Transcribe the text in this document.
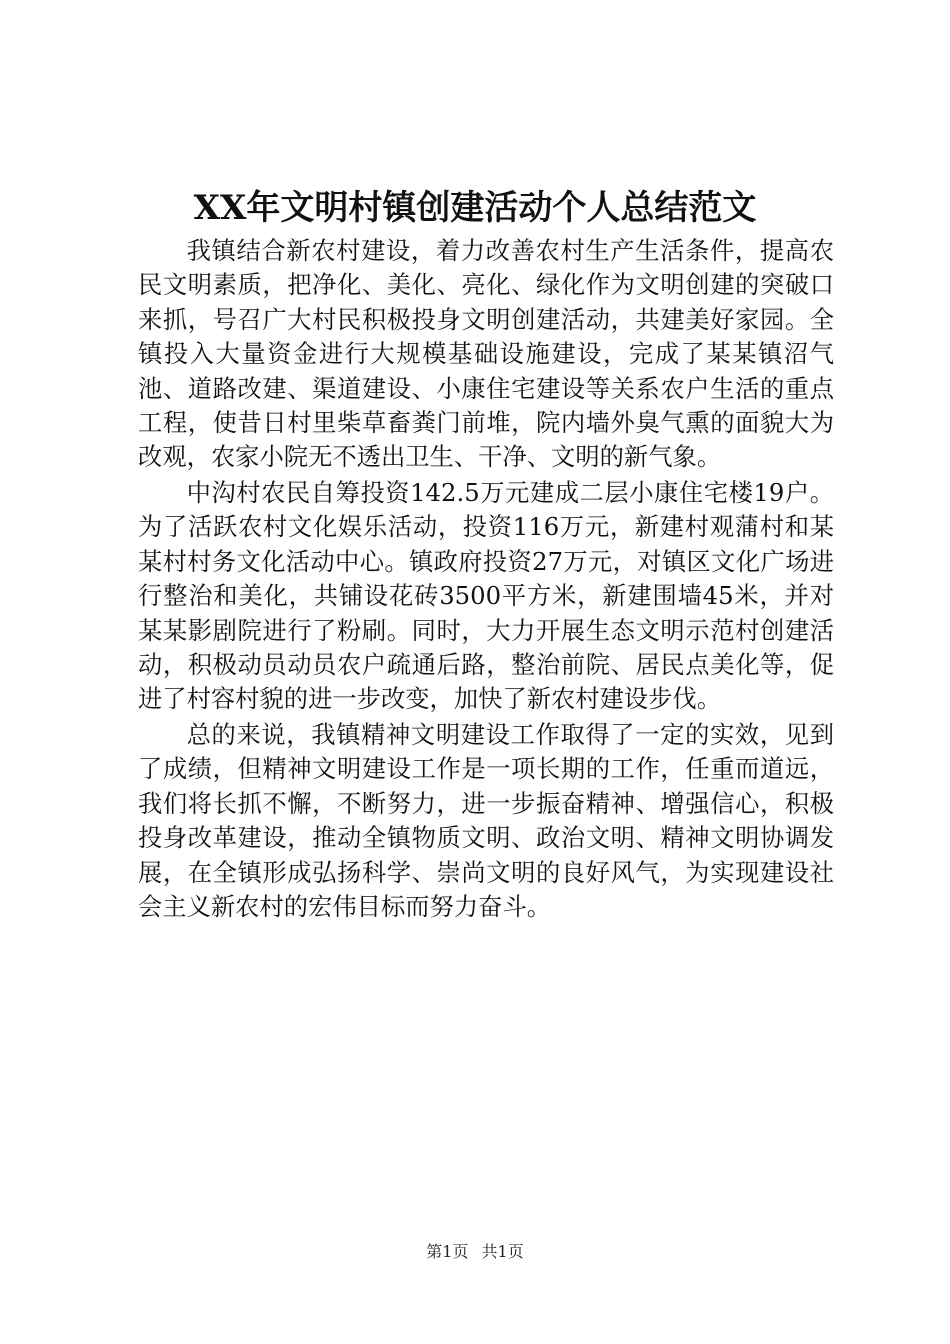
XX年文明村镇创建活动个人总结范文

我镇结合新农村建设，着力改善农村生产生活条件，提高农民文明素质，把净化、美化、亮化、绿化作为文明创建的突破口来抓，号召广大村民积极投身文明创建活动，共建美好家园。全镇投入大量资金进行大规模基础设施建设，完成了某某镇沼气池、道路改建、渠道建设、小康住宅建设等关系农户生活的重点工程，使昔日村里柴草畜粪门前堆，院内墙外臭气熏的面貌大为改观，农家小院无不透出卫生、干净、文明的新气象。

中沟村农民自筹投资142.5万元建成二层小康住宅楼19户。为了活跃农村文化娱乐活动，投资116万元，新建村观蒲村和某某村村务文化活动中心。镇政府投资27万元，对镇区文化广场进行整治和美化，共铺设花砖3500平方米，新建围墙45米，并对某某影剧院进行了粉刷。同时，大力开展生态文明示范村创建活动，积极动员动员农户疏通后路，整治前院、居民点美化等，促进了村容村貌的进一步改变，加快了新农村建设步伐。

总的来说，我镇精神文明建设工作取得了一定的实效，见到了成绩，但精神文明建设工作是一项长期的工作，任重而道远，我们将长抓不懈，不断努力，进一步振奋精神、增强信心，积极投身改革建设，推动全镇物质文明、政治文明、精神文明协调发展，在全镇形成弘扬科学、崇尚文明的良好风气，为实现建设社会主义新农村的宏伟目标而努力奋斗。

第1页 共1页
